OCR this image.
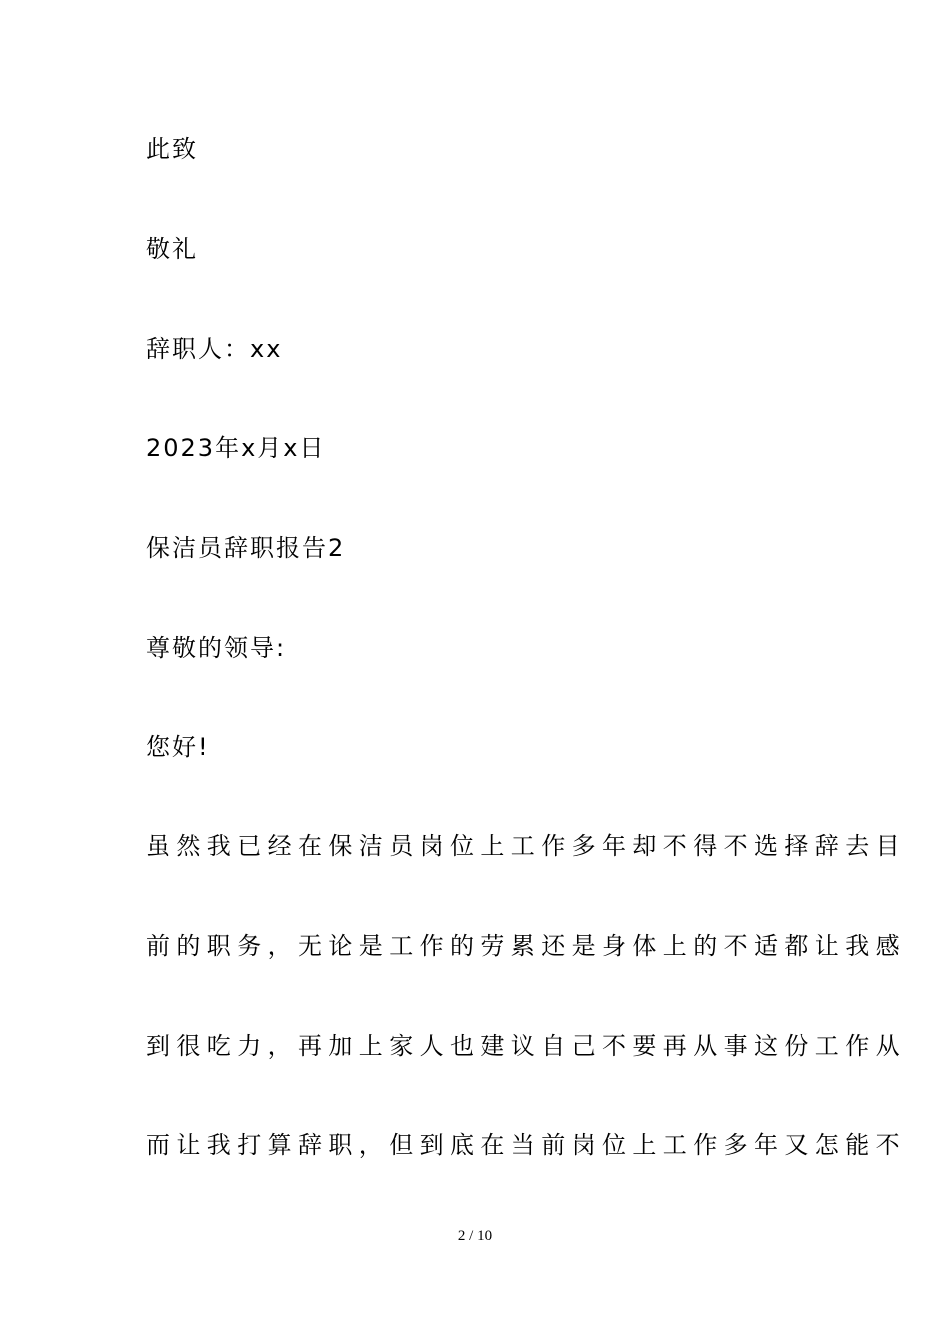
此致
敬礼
辞职人：xx
2023年x月x日
保洁员辞职报告2
尊敬的领导:
您好!
虽然我已经在保洁员岗位上工作多年却不得不选择辞去目
前的职务，无论是工作的劳累还是身体上的不适都让我感
到很吃力，再加上家人也建议自己不要再从事这份工作从
而让我打算辞职，但到底在当前岗位上工作多年又怎能不
2 / 10
